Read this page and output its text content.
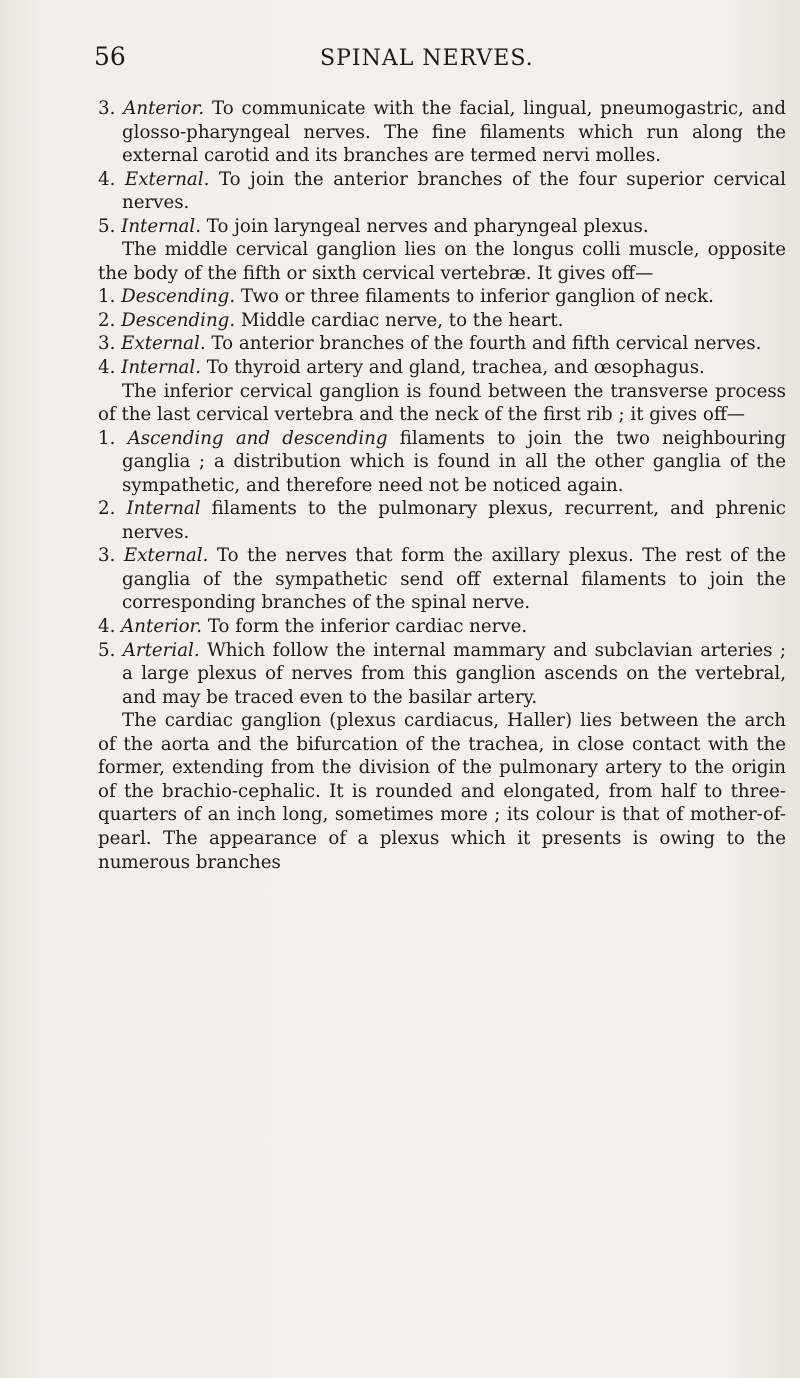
56	SPINAL NERVES.

3. Anterior. To communicate with the facial, lingual, pneumogastric, and glosso-pharyngeal nerves. The fine filaments which run along the external carotid and its branches are termed nervi molles.

4. External. To join the anterior branches of the four superior cervical nerves.

5. Internal. To join laryngeal nerves and pharyngeal plexus.

The middle cervical ganglion lies on the longus colli muscle, opposite the body of the fifth or sixth cervical vertebræ. It gives off—

1. Descending. Two or three filaments to inferior ganglion of neck.

2. Descending. Middle cardiac nerve, to the heart.

3. External. To anterior branches of the fourth and fifth cervical nerves.

4. Internal. To thyroid artery and gland, trachea, and œsophagus.

The inferior cervical ganglion is found between the transverse process of the last cervical vertebra and the neck of the first rib ; it gives off—

1. Ascending and descending filaments to join the two neighbouring ganglia ; a distribution which is found in all the other ganglia of the sympathetic, and therefore need not be noticed again.

2. Internal filaments to the pulmonary plexus, recurrent, and phrenic nerves.

3. External. To the nerves that form the axillary plexus. The rest of the ganglia of the sympathetic send off external filaments to join the corresponding branches of the spinal nerve.

4. Anterior. To form the inferior cardiac nerve.

5. Arterial. Which follow the internal mammary and subclavian arteries ; a large plexus of nerves from this ganglion ascends on the vertebral, and may be traced even to the basilar artery.

The cardiac ganglion (plexus cardiacus, Haller) lies between the arch of the aorta and the bifurcation of the trachea, in close contact with the former, extending from the division of the pulmonary artery to the origin of the brachio-cephalic. It is rounded and elongated, from half to three-quarters of an inch long, sometimes more ; its colour is that of mother-of-pearl. The appearance of a plexus which it presents is owing to the numerous branches
